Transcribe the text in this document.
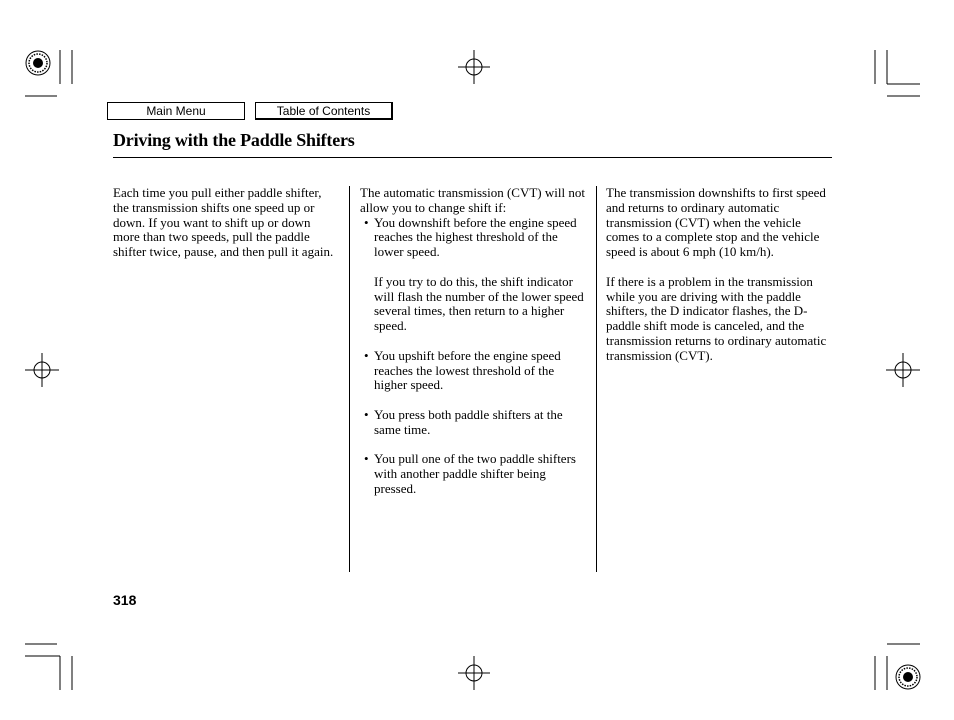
Main Menu	Table of Contents
Driving with the Paddle Shifters

Each time you pull either paddle shifter, the transmission shifts one speed up or down. If you want to shift up or down more than two speeds, pull the paddle shifter twice, pause, and then pull it again.

The automatic transmission (CVT) will not allow you to change shift if:
• You downshift before the engine speed reaches the highest threshold of the lower speed.
If you try to do this, the shift indicator will flash the number of the lower speed several times, then return to a higher speed.
• You upshift before the engine speed reaches the lowest threshold of the higher speed.
• You press both paddle shifters at the same time.
• You pull one of the two paddle shifters with another paddle shifter being pressed.

The transmission downshifts to first speed and returns to ordinary automatic transmission (CVT) when the vehicle comes to a complete stop and the vehicle speed is about 6 mph (10 km/h).

If there is a problem in the transmission while you are driving with the paddle shifters, the D indicator flashes, the D-paddle shift mode is canceled, and the transmission returns to ordinary automatic transmission (CVT).

318
